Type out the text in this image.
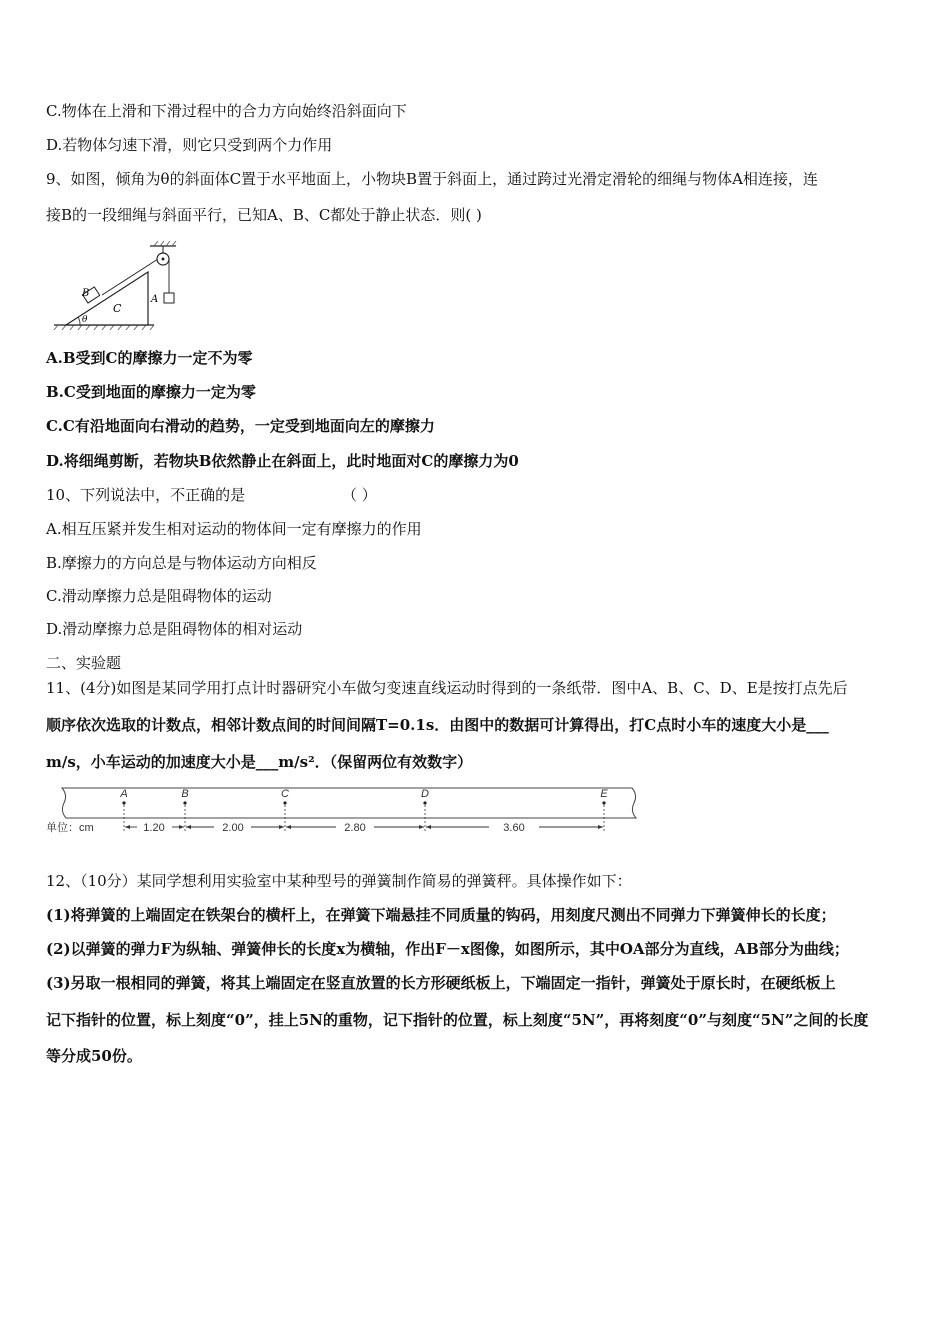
C.物体在上滑和下滑过程中的合力方向始终沿斜面向下
D.若物体匀速下滑，则它只受到两个力作用
9、如图，倾角为θ的斜面体C置于水平地面上，小物块B置于斜面上，通过跨过光滑定滑轮的细绳与物体A相连接，连
接B的一段细绳与斜面平行，已知A、B、C都处于静止状态．则( )
θ
C
B
A
A.B受到C的摩擦力一定不为零
B.C受到地面的摩擦力一定为零
C.C有沿地面向右滑动的趋势，一定受到地面向左的摩擦力
D.将细绳剪断，若物块B依然静止在斜面上，此时地面对C的摩擦力为0
10、下列说法中，不正确的是	（ ）
A.相互压紧并发生相对运动的物体间一定有摩擦力的作用
B.摩擦力的方向总是与物体运动方向相反
C.滑动摩擦力总是阻碍物体的运动
D.滑动摩擦力总是阻碍物体的相对运动
二、实验题
11、(4分)如图是某同学用打点计时器研究小车做匀变速直线运动时得到的一条纸带．图中A、B、C、D、E是按打点先后
顺序依次选取的计数点，相邻计数点间的时间间隔T=0.1s．由图中的数据可计算得出，打C点时小车的速度大小是___
m/s，小车运动的加速度大小是___m/s²．（保留两位有效数字）
A	B	C	D	E
1.20	2.00	2.80	3.60
单位：cm
12、（10分）某同学想利用实验室中某种型号的弹簧制作简易的弹簧秤。具体操作如下：
(1)将弹簧的上端固定在铁架台的横杆上，在弹簧下端悬挂不同质量的钩码，用刻度尺测出不同弹力下弹簧伸长的长度；
(2)以弹簧的弹力F为纵轴、弹簧伸长的长度x为横轴，作出F－x图像，如图所示，其中OA部分为直线，AB部分为曲线；
(3)另取一根相同的弹簧，将其上端固定在竖直放置的长方形硬纸板上，下端固定一指针，弹簧处于原长时，在硬纸板上
记下指针的位置，标上刻度“0”，挂上5N的重物，记下指针的位置，标上刻度“5N”，再将刻度“0”与刻度“5N”之间的长度
等分成50份。
